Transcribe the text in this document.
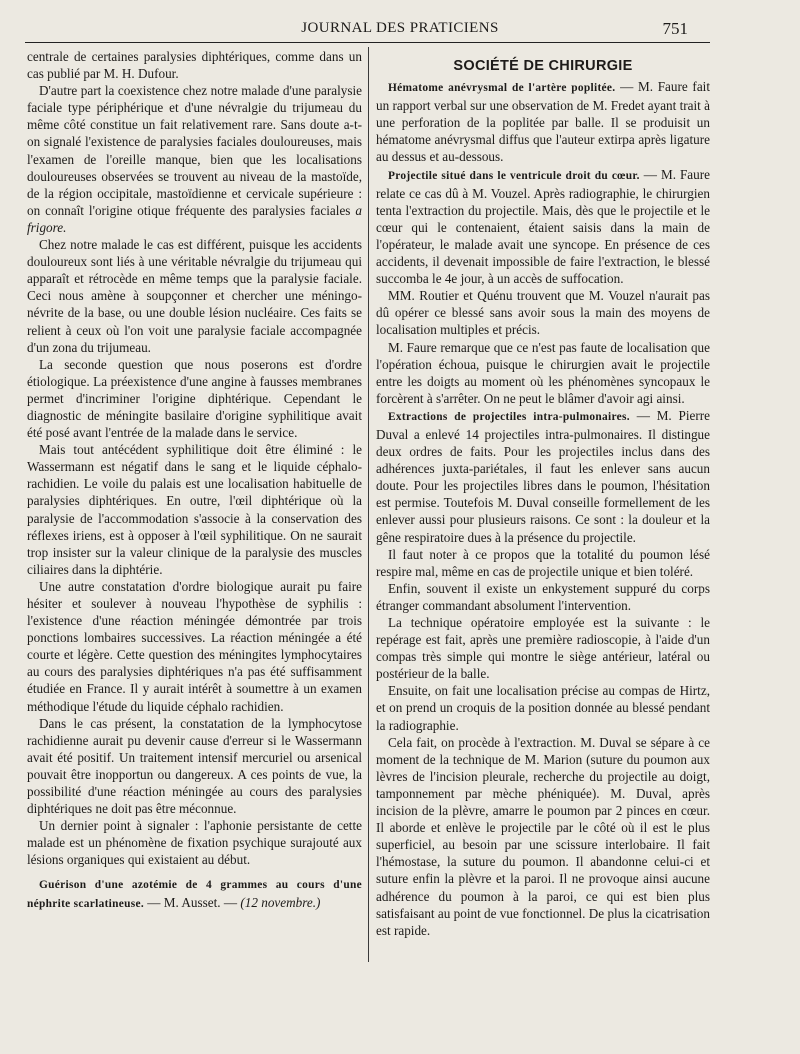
JOURNAL DES PRATICIENS	751

centrale de certaines paralysies diphtériques, comme dans un cas publié par M. H. Dufour.

D'autre part la coexistence chez notre malade d'une paralysie faciale type périphérique et d'une névralgie du trijumeau du même côté constitue un fait relativement rare. Sans doute a-t-on signalé l'existence de paralysies faciales douloureuses, mais l'examen de l'oreille manque, bien que les localisations douloureuses observées se trouvent au niveau de la mastoïde, de la région occipitale, mastoïdienne et cervicale supérieure : on connaît l'origine otique fréquente des paralysies faciales a frigore.

Chez notre malade le cas est différent, puisque les accidents douloureux sont liés à une véritable névralgie du trijumeau qui apparaît et rétrocède en même temps que la paralysie faciale. Ceci nous amène à soupçonner et chercher une méningo-névrite de la base, ou une double lésion nucléaire. Ces faits se relient à ceux où l'on voit une paralysie faciale accompagnée d'un zona du trijumeau.

La seconde question que nous poserons est d'ordre étiologique. La préexistence d'une angine à fausses membranes permet d'incriminer l'origine diphtérique. Cependant le diagnostic de méningite basilaire d'origine syphilitique avait été posé avant l'entrée de la malade dans le service.

Mais tout antécédent syphilitique doit être éliminé : le Wassermann est négatif dans le sang et le liquide céphalo-rachidien. Le voile du palais est une localisation habituelle de paralysies diphtériques. En outre, l'œil diphtérique où la paralysie de l'accommodation s'associe à la conservation des réflexes iriens, est à opposer à l'œil syphilitique. On ne saurait trop insister sur la valeur clinique de la paralysie des muscles ciliaires dans la diphtérie.

Une autre constatation d'ordre biologique aurait pu faire hésiter et soulever à nouveau l'hypothèse de syphilis : l'existence d'une réaction méningée démontrée par trois ponctions lombaires successives. La réaction méningée a été courte et légère. Cette question des méningites lymphocytaires au cours des paralysies diphtériques n'a pas été suffisamment étudiée en France. Il y aurait intérêt à soumettre à un examen méthodique l'étude du liquide céphalo rachidien.

Dans le cas présent, la constatation de la lymphocytose rachidienne aurait pu devenir cause d'erreur si le Wassermann avait été positif. Un traitement intensif mercuriel ou arsenical pouvait être inopportun ou dangereux. A ces points de vue, la possibilité d'une réaction méningée au cours des paralysies diphtériques ne doit pas être méconnue.

Un dernier point à signaler : l'aphonie persistante de cette malade est un phénomène de fixation psychique surajouté aux lésions organiques qui existaient au début.

Guérison d'une azotémie de 4 grammes au cours d'une néphrite scarlatineuse. — M. Ausset. — (12 novembre.)

SOCIÉTÉ DE CHIRURGIE

Hématome anévrysmal de l'artère poplitée. — M. Faure fait un rapport verbal sur une observation de M. Fredet ayant trait à une perforation de la poplitée par balle. Il se produisit un hématome anévrysmal diffus que l'auteur extirpa après ligature au dessus et au-dessous.

Projectile situé dans le ventricule droit du cœur. — M. Faure relate ce cas dû à M. Vouzel. Après radiographie, le chirurgien tenta l'extraction du projectile. Mais, dès que le projectile et le cœur qui le contenaient, étaient saisis dans la main de l'opérateur, le malade avait une syncope. En présence de ces accidents, il devenait impossible de faire l'extraction, le blessé succomba le 4e jour, à un accès de suffocation.

MM. Routier et Quénu trouvent que M. Vouzel n'aurait pas dû opérer ce blessé sans avoir sous la main des moyens de localisation multiples et précis.

M. Faure remarque que ce n'est pas faute de localisation que l'opération échoua, puisque le chirurgien avait le projectile entre les doigts au moment où les phénomènes syncopaux le forcèrent à s'arrêter. On ne peut le blâmer d'avoir agi ainsi.

Extractions de projectiles intra-pulmonaires. — M. Pierre Duval a enlevé 14 projectiles intra-pulmonaires. Il distingue deux ordres de faits. Pour les projectiles inclus dans des adhérences juxta-pariétales, il faut les enlever sans aucun doute. Pour les projectiles libres dans le poumon, l'hésitation est permise. Toutefois M. Duval conseille formellement de les enlever aussi pour plusieurs raisons. Ce sont : la douleur et la gêne respiratoire dues à la présence du projectile.

Il faut noter à ce propos que la totalité du poumon lésé respire mal, même en cas de projectile unique et bien toléré.

Enfin, souvent il existe un enkystement suppuré du corps étranger commandant absolument l'intervention.

La technique opératoire employée est la suivante : le repérage est fait, après une première radioscopie, à l'aide d'un compas très simple qui montre le siège antérieur, latéral ou postérieur de la balle.

Ensuite, on fait une localisation précise au compas de Hirtz, et on prend un croquis de la position donnée au blessé pendant la radiographie.

Cela fait, on procède à l'extraction. M. Duval se sépare à ce moment de la technique de M. Marion (suture du poumon aux lèvres de l'incision pleurale, recherche du projectile au doigt, tamponnement par mèche phéniquée). M. Duval, après incision de la plèvre, amarre le poumon par 2 pinces en cœur. Il aborde et enlève le projectile par le côté où il est le plus superficiel, au besoin par une scissure interlobaire. Il fait l'hémostase, la suture du poumon. Il abandonne celui-ci et suture enfin la plèvre et la paroi. Il ne provoque ainsi aucune adhérence du poumon à la paroi, ce qui est bien plus satisfaisant au point de vue fonctionnel. De plus la cicatrisation est rapide.
